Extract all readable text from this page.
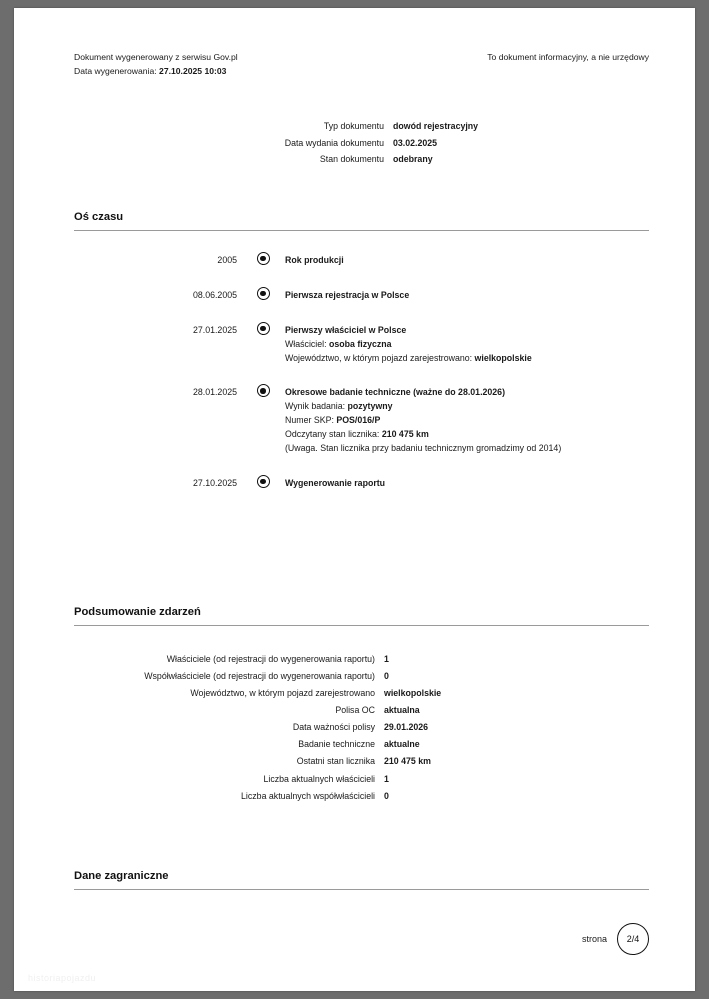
Dokument wygenerowany z serwisu Gov.pl	To dokument informacyjny, a nie urzędowy
Data wygenerowania: 27.10.2025 10:03
Typ dokumentu	dowód rejestracyjny
Data wydania dokumentu	03.02.2025
Stan dokumentu	odebrany
Oś czasu
2005	Rok produkcji
08.06.2005	Pierwsza rejestracja w Polsce
27.01.2025	Pierwszy właściciel w Polsce
Właściciel: osoba fizyczna
Województwo, w którym pojazd zarejestrowano: wielkopolskie
28.01.2025	Okresowe badanie techniczne (ważne do 28.01.2026)
Wynik badania: pozytywny
Numer SKP: POS/016/P
Odczytany stan licznika: 210 475 km
(Uwaga. Stan licznika przy badaniu technicznym gromadzimy od 2014)
27.10.2025	Wygenerowanie raportu
Podsumowanie zdarzeń
Właściciele (od rejestracji do wygenerowania raportu)	1
Współwłaściciele (od rejestracji do wygenerowania raportu)	0
Województwo, w którym pojazd zarejestrowano	wielkopolskie
Polisa OC	aktualna
Data ważności polisy	29.01.2026
Badanie techniczne	aktualne
Ostatni stan licznika	210 475 km
Liczba aktualnych właścicieli	1
Liczba aktualnych współwłaścicieli	0
Dane zagraniczne
strona	2/4
historiapojazdu
